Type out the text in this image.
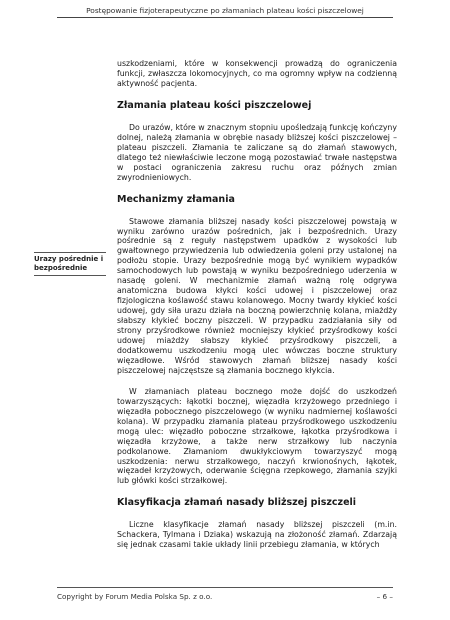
Postępowanie fizjoterapeutyczne po złamaniach plateau kości piszczelowej
Urazy pośrednie i bezpośrednie

uszkodzeniami, które w konsekwencji prowadzą do ograniczenia funkcji, zwłaszcza lokomocyjnych, co ma ogromny wpływ na codzienną aktywność pacjenta.

Złamania plateau kości piszczelowej

Do urazów, które w znacznym stopniu upośledzają funkcję kończyny dolnej, należą złamania w obrębie nasady bliższej kości piszczelowej – plateau piszczeli. Złamania te zaliczane są do złamań stawowych, dlatego też niewłaściwie leczone mogą pozostawiać trwałe następstwa w postaci ograniczenia zakresu ruchu oraz późnych zmian zwyrodnieniowych.

Mechanizmy złamania

Stawowe złamania bliższej nasady kości piszczelowej powstają w wyniku zarówno urazów pośrednich, jak i bezpośrednich. Urazy pośrednie są z reguły następstwem upadków z wysokości lub gwałtownego przywiedzenia lub odwiedzenia goleni przy ustalonej na podłożu stopie. Urazy bezpośrednie mogą być wynikiem wypadków samochodowych lub powstają w wyniku bezpośredniego uderzenia w nasadę goleni. W mechanizmie złamań ważną rolę odgrywa anatomiczna budowa kłykci kości udowej i piszczelowej oraz fizjologiczna koślawość stawu kolanowego. Mocny twardy kłykieć kości udowej, gdy siła urazu działa na boczną powierzchnię kolana, miażdży słabszy kłykieć boczny piszczeli. W przypadku zadziałania siły od strony przyśrodkowe również mocniejszy kłykieć przyśrodkowy kości udowej miażdży słabszy kłykieć przyśrodkowy piszczeli, a dodatkowemu uszkodzeniu mogą ulec wówczas boczne struktury więzadłowe. Wśród stawowych złamań bliższej nasady kości piszczelowej najczęstsze są złamania bocznego kłykcia.

W złamaniach plateau bocznego może dojść do uszkodzeń towarzyszących: łąkotki bocznej, więzadła krzyżowego przedniego i więzadła pobocznego piszczelowego (w wyniku nadmiernej koślawości kolana). W przypadku złamania plateau przyśrodkowego uszkodzeniu mogą ulec: więzadło poboczne strzałkowe, łąkotka przyśrodkowa i więzadła krzyżowe, a także nerw strzałkowy lub naczynia podkolanowe. Złamaniom dwukłykciowym towarzyszyć mogą uszkodzenia: nerwu strzałkowego, naczyń krwionośnych, łąkotek, więzadeł krzyżowych, oderwanie ścięgna rzepkowego, złamania szyjki lub główki kości strzałkowej.

Klasyfikacja złamań nasady bliższej piszczeli

Liczne klasyfikacje złamań nasady bliższej piszczeli (m.in. Schackera, Tylmana i Dziaka) wskazują na złożoność złamań. Zdarzają się jednak czasami takie układy linii przebiegu złamania, w których

Copyright by Forum Media Polska Sp. z o.o.	– 6 –
